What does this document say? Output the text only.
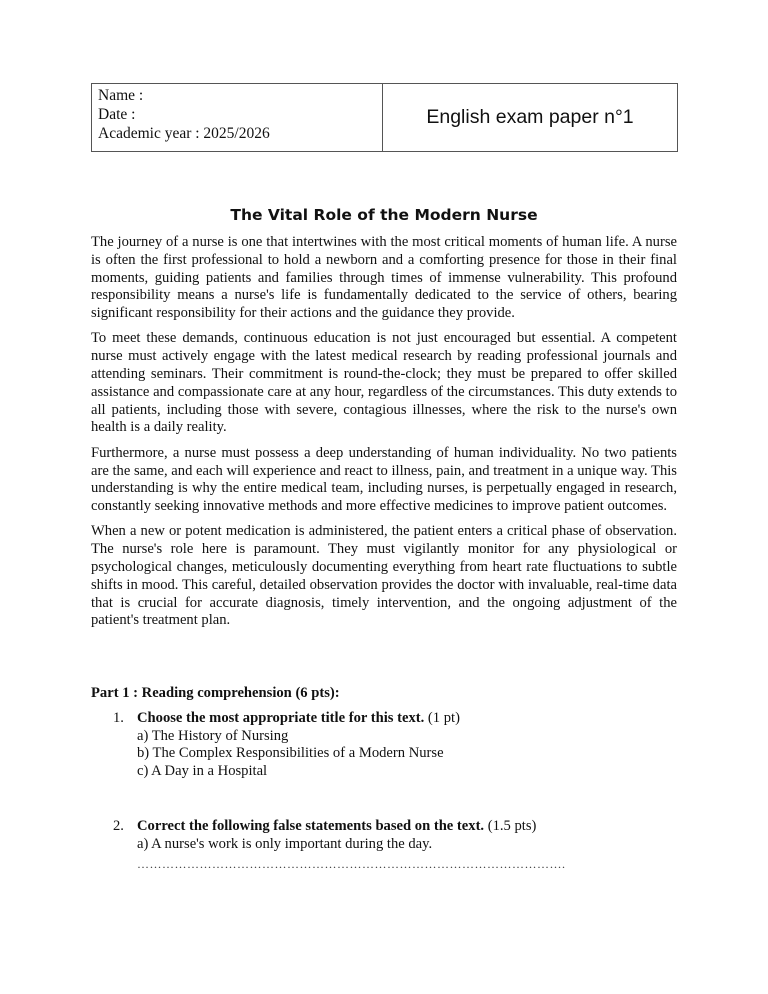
Name :
Date :
Academic year : 2025/2026
English exam paper n°1
The Vital Role of the Modern Nurse

The journey of a nurse is one that intertwines with the most critical moments of human life. A nurse is often the first professional to hold a newborn and a comforting presence for those in their final moments, guiding patients and families through times of immense vulnerability. This profound responsibility means a nurse's life is fundamentally dedicated to the service of others, bearing significant responsibility for their actions and the guidance they provide.

To meet these demands, continuous education is not just encouraged but essential. A competent nurse must actively engage with the latest medical research by reading professional journals and attending seminars. Their commitment is round-the-clock; they must be prepared to offer skilled assistance and compassionate care at any hour, regardless of the circumstances. This duty extends to all patients, including those with severe, contagious illnesses, where the risk to the nurse's own health is a daily reality.

Furthermore, a nurse must possess a deep understanding of human individuality. No two patients are the same, and each will experience and react to illness, pain, and treatment in a unique way. This understanding is why the entire medical team, including nurses, is perpetually engaged in research, constantly seeking innovative methods and more effective medicines to improve patient outcomes.

When a new or potent medication is administered, the patient enters a critical phase of observation. The nurse's role here is paramount. They must vigilantly monitor for any physiological or psychological changes, meticulously documenting everything from heart rate fluctuations to subtle shifts in mood. This careful, detailed observation provides the doctor with invaluable, real-time data that is crucial for accurate diagnosis, timely intervention, and the ongoing adjustment of the patient's treatment plan.

Part 1 : Reading comprehension (6 pts):
1. Choose the most appropriate title for this text. (1 pt)
a) The History of Nursing
b) The Complex Responsibilities of a Modern Nurse
c) A Day in a Hospital
2. Correct the following false statements based on the text. (1.5 pts)
a) A nurse's work is only important during the day.
………………………………………………………………………………………….
